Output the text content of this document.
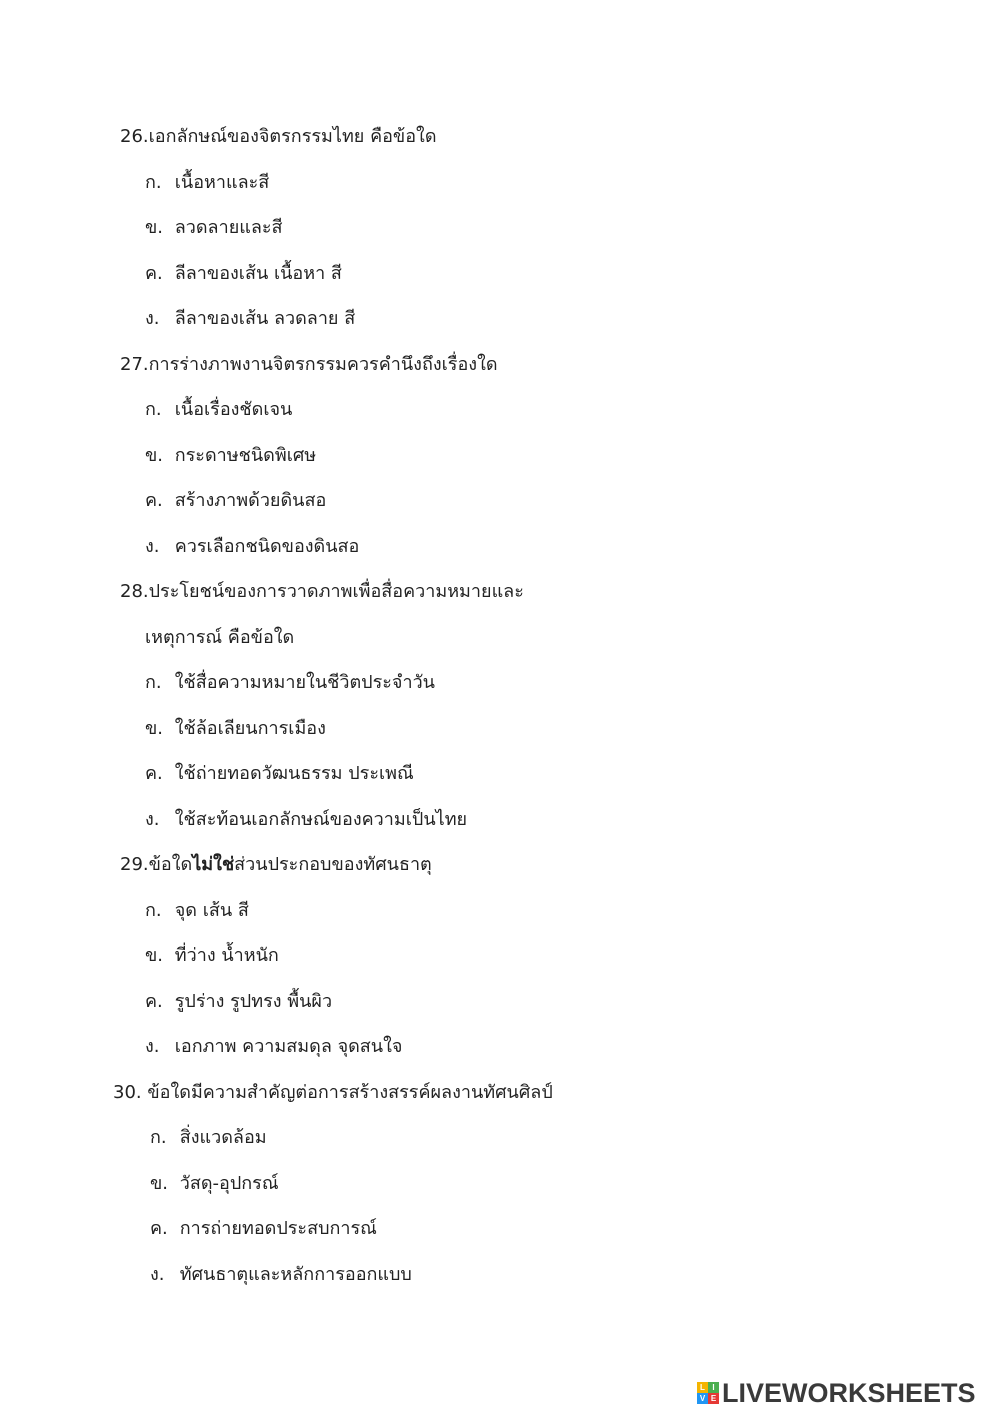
26.เอกลักษณ์ของจิตรกรรมไทย คือข้อใด
ก. เนื้อหาและสี
ข. ลวดลายและสี
ค. ลีลาของเส้น เนื้อหา สี
ง. ลีลาของเส้น ลวดลาย สี
27.การร่างภาพงานจิตรกรรมควรคำนึงถึงเรื่องใด
ก. เนื้อเรื่องชัดเจน
ข. กระดาษชนิดพิเศษ
ค. สร้างภาพด้วยดินสอ
ง. ควรเลือกชนิดของดินสอ
28.ประโยชน์ของการวาดภาพเพื่อสื่อความหมายและ
เหตุการณ์ คือข้อใด
ก. ใช้สื่อความหมายในชีวิตประจำวัน
ข. ใช้ล้อเลียนการเมือง
ค. ใช้ถ่ายทอดวัฒนธรรม ประเพณี
ง. ใช้สะท้อนเอกลักษณ์ของความเป็นไทย
29.ข้อใดไม่ใช่ส่วนประกอบของทัศนธาตุ
ก. จุด เส้น สี
ข. ที่ว่าง น้ำหนัก
ค. รูปร่าง รูปทรง พื้นผิว
ง. เอกภาพ ความสมดุล จุดสนใจ
30. ข้อใดมีความสำคัญต่อการสร้างสรรค์ผลงานทัศนศิลป์
ก. สิ่งแวดล้อม
ข. วัสดุ-อุปกรณ์
ค. การถ่ายทอดประสบการณ์
ง. ทัศนธาตุและหลักการออกแบบ
L I
V E LIVEWORKSHEETS
